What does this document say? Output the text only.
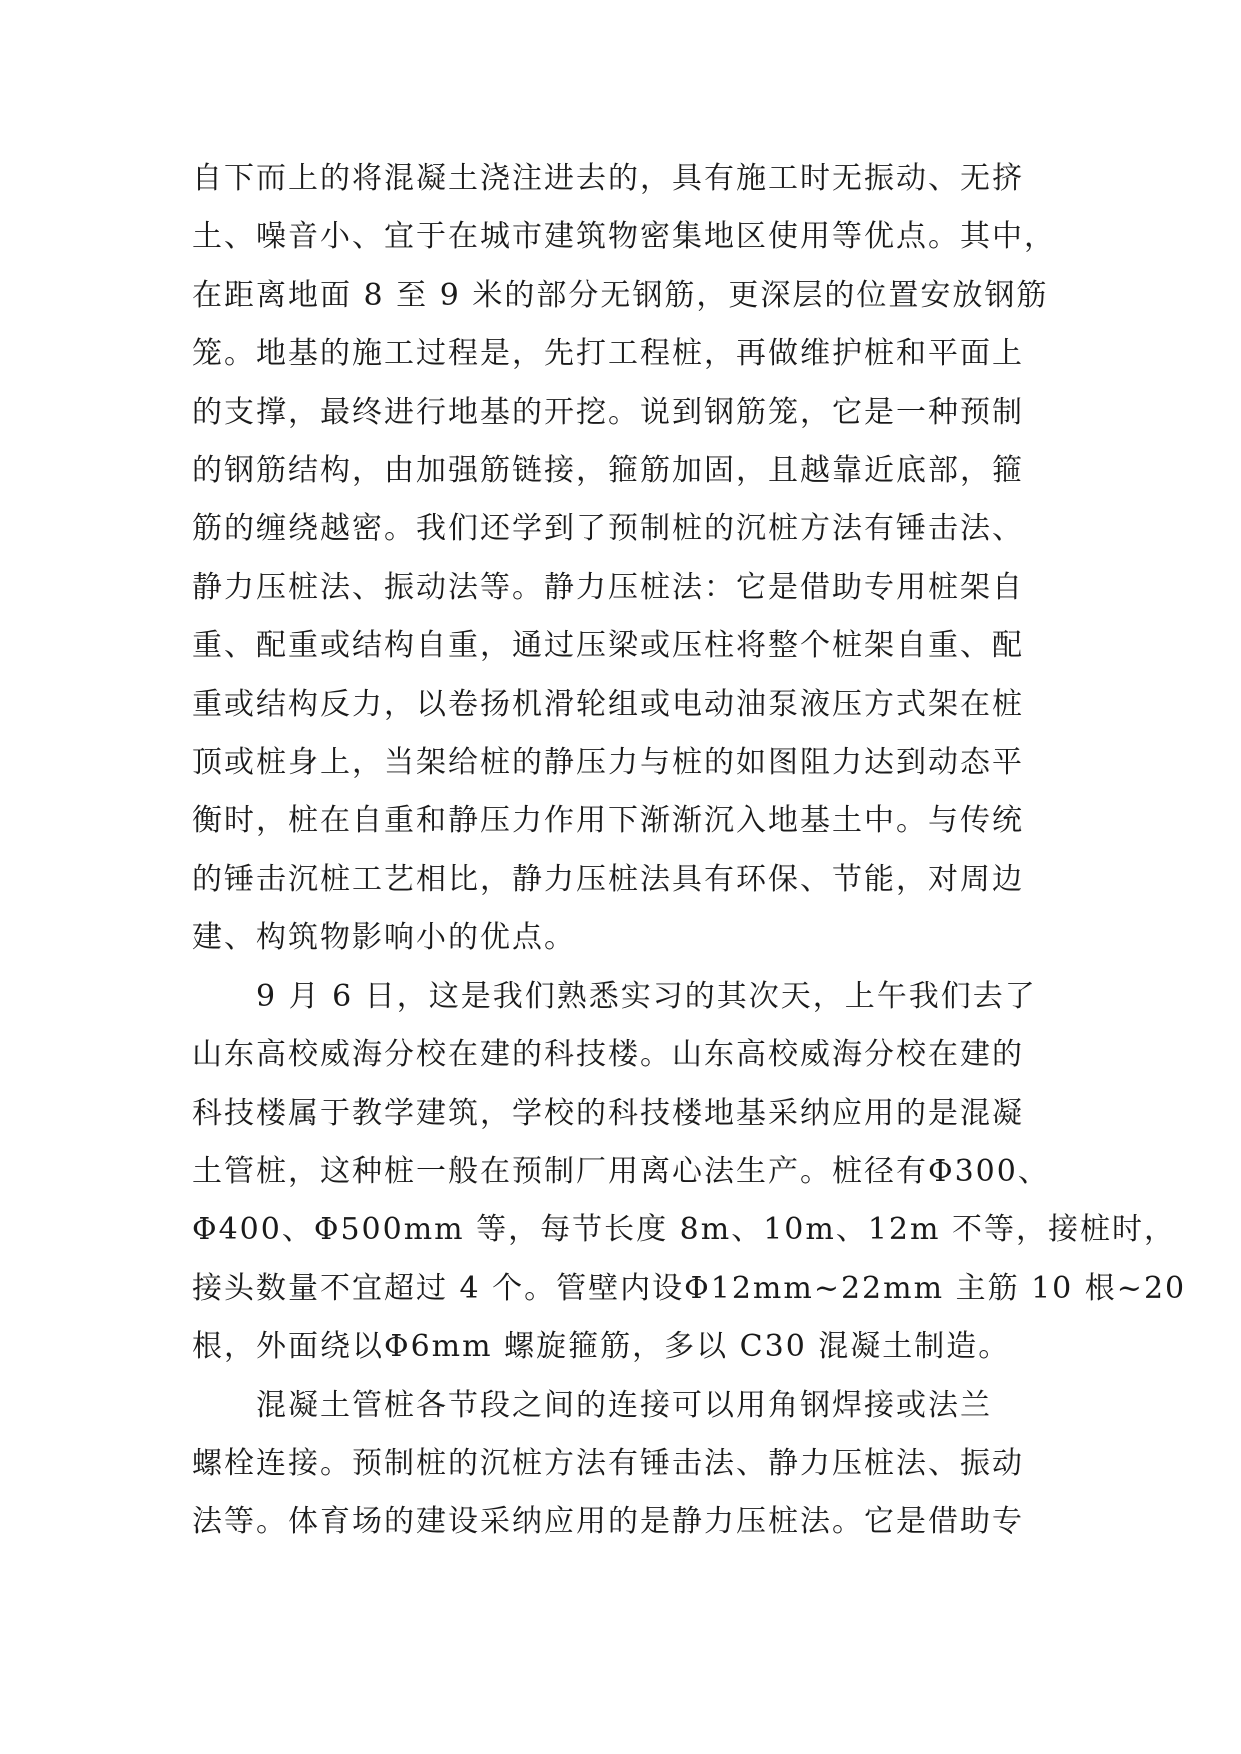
自下而上的将混凝土浇注进去的，具有施工时无振动、无挤
土、噪音小、宜于在城市建筑物密集地区使用等优点。其中，
在距离地面 8 至 9 米的部分无钢筋，更深层的位置安放钢筋
笼。地基的施工过程是，先打工程桩，再做维护桩和平面上
的支撑，最终进行地基的开挖。说到钢筋笼，它是一种预制
的钢筋结构，由加强筋链接，箍筋加固，且越靠近底部，箍
筋的缠绕越密。我们还学到了预制桩的沉桩方法有锤击法、
静力压桩法、振动法等。静力压桩法：它是借助专用桩架自
重、配重或结构自重，通过压梁或压柱将整个桩架自重、配
重或结构反力，以卷扬机滑轮组或电动油泵液压方式架在桩
顶或桩身上，当架给桩的静压力与桩的如图阻力达到动态平
衡时，桩在自重和静压力作用下渐渐沉入地基土中。与传统
的锤击沉桩工艺相比，静力压桩法具有环保、节能，对周边
建、构筑物影响小的优点。

9 月 6 日，这是我们熟悉实习的其次天，上午我们去了
山东高校威海分校在建的科技楼。山东高校威海分校在建的
科技楼属于教学建筑，学校的科技楼地基采纳应用的是混凝
土管桩，这种桩一般在预制厂用离心法生产。桩径有Φ300、
Φ400、Φ500mm 等，每节长度 8m、10m、12m 不等，接桩时，
接头数量不宜超过 4 个。管壁内设Φ12mm~22mm 主筋 10 根~20
根，外面绕以Φ6mm 螺旋箍筋，多以 C30 混凝土制造。

混凝土管桩各节段之间的连接可以用角钢焊接或法兰
螺栓连接。预制桩的沉桩方法有锤击法、静力压桩法、振动
法等。体育场的建设采纳应用的是静力压桩法。它是借助专
